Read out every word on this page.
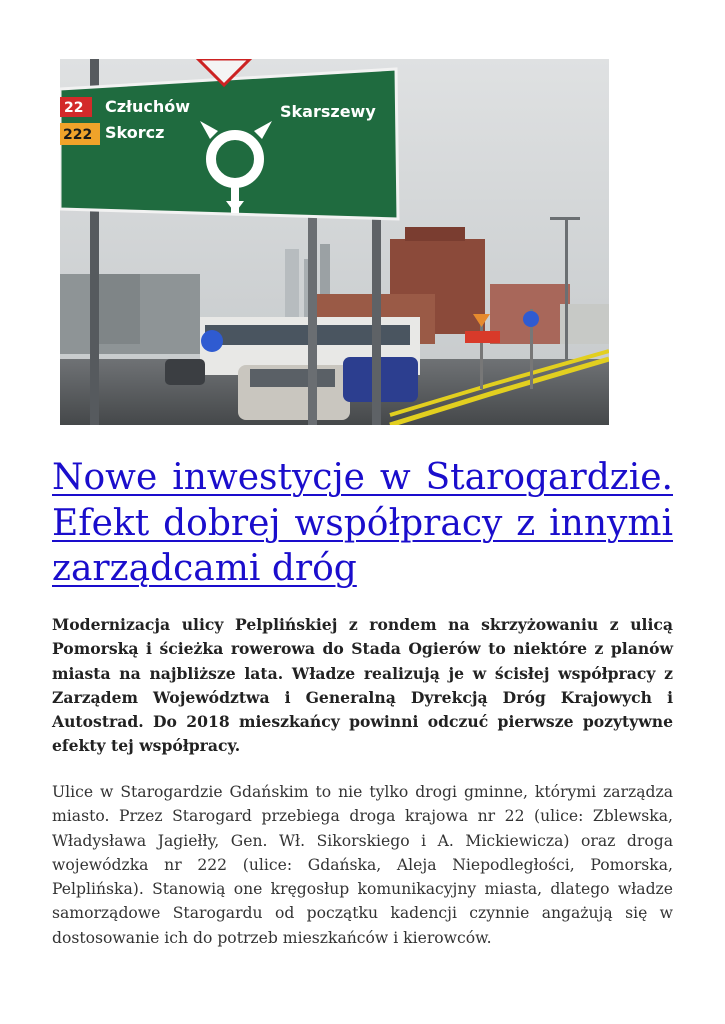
22
222
Człuchów
Skorcz
Skarszewy
Nowe inwestycje w Starogardzie. Efekt dobrej współpracy z innymi zarządcami dróg

Modernizacja ulicy Pelplińskiej z rondem na skrzyżowaniu z ulicą Pomorską i ścieżka rowerowa do Stada Ogierów to niektóre z planów miasta na najbliższe lata. Władze realizują je w ścisłej współpracy z Zarządem Województwa i Generalną Dyrekcją Dróg Krajowych i Autostrad. Do 2018 mieszkańcy powinni odczuć pierwsze pozytywne efekty tej współpracy.

Ulice w Starogardzie Gdańskim to nie tylko drogi gminne, którymi zarządza miasto. Przez Starogard przebiega droga krajowa nr 22 (ulice: Zblewska, Władysława Jagiełły, Gen. Wł. Sikorskiego i A. Mickiewicza) oraz droga wojewódzka nr 222 (ulice: Gdańska, Aleja Niepodległości, Pomorska, Pelplińska). Stanowią one kręgosłup komunikacyjny miasta, dlatego władze samorządowe Starogardu od początku kadencji czynnie angażują się w dostosowanie ich do potrzeb mieszkańców i kierowców.
